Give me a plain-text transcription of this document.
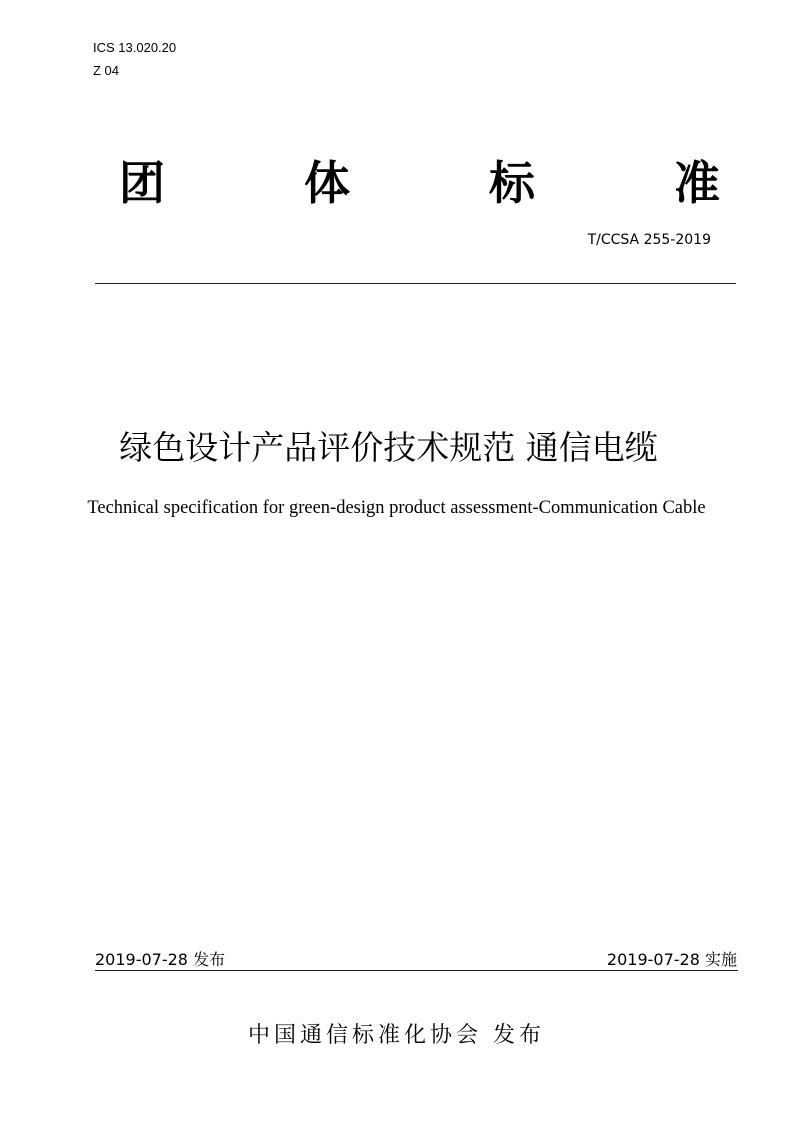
ICS 13.020.20
Z 04
团	体	标	准
T/CCSA 255-2019
绿色设计产品评价技术规范 通信电缆
Technical specification for green-design product assessment-Communication Cable
2019-07-28 发布	2019-07-28 实施
中国通信标准化协会 发布
